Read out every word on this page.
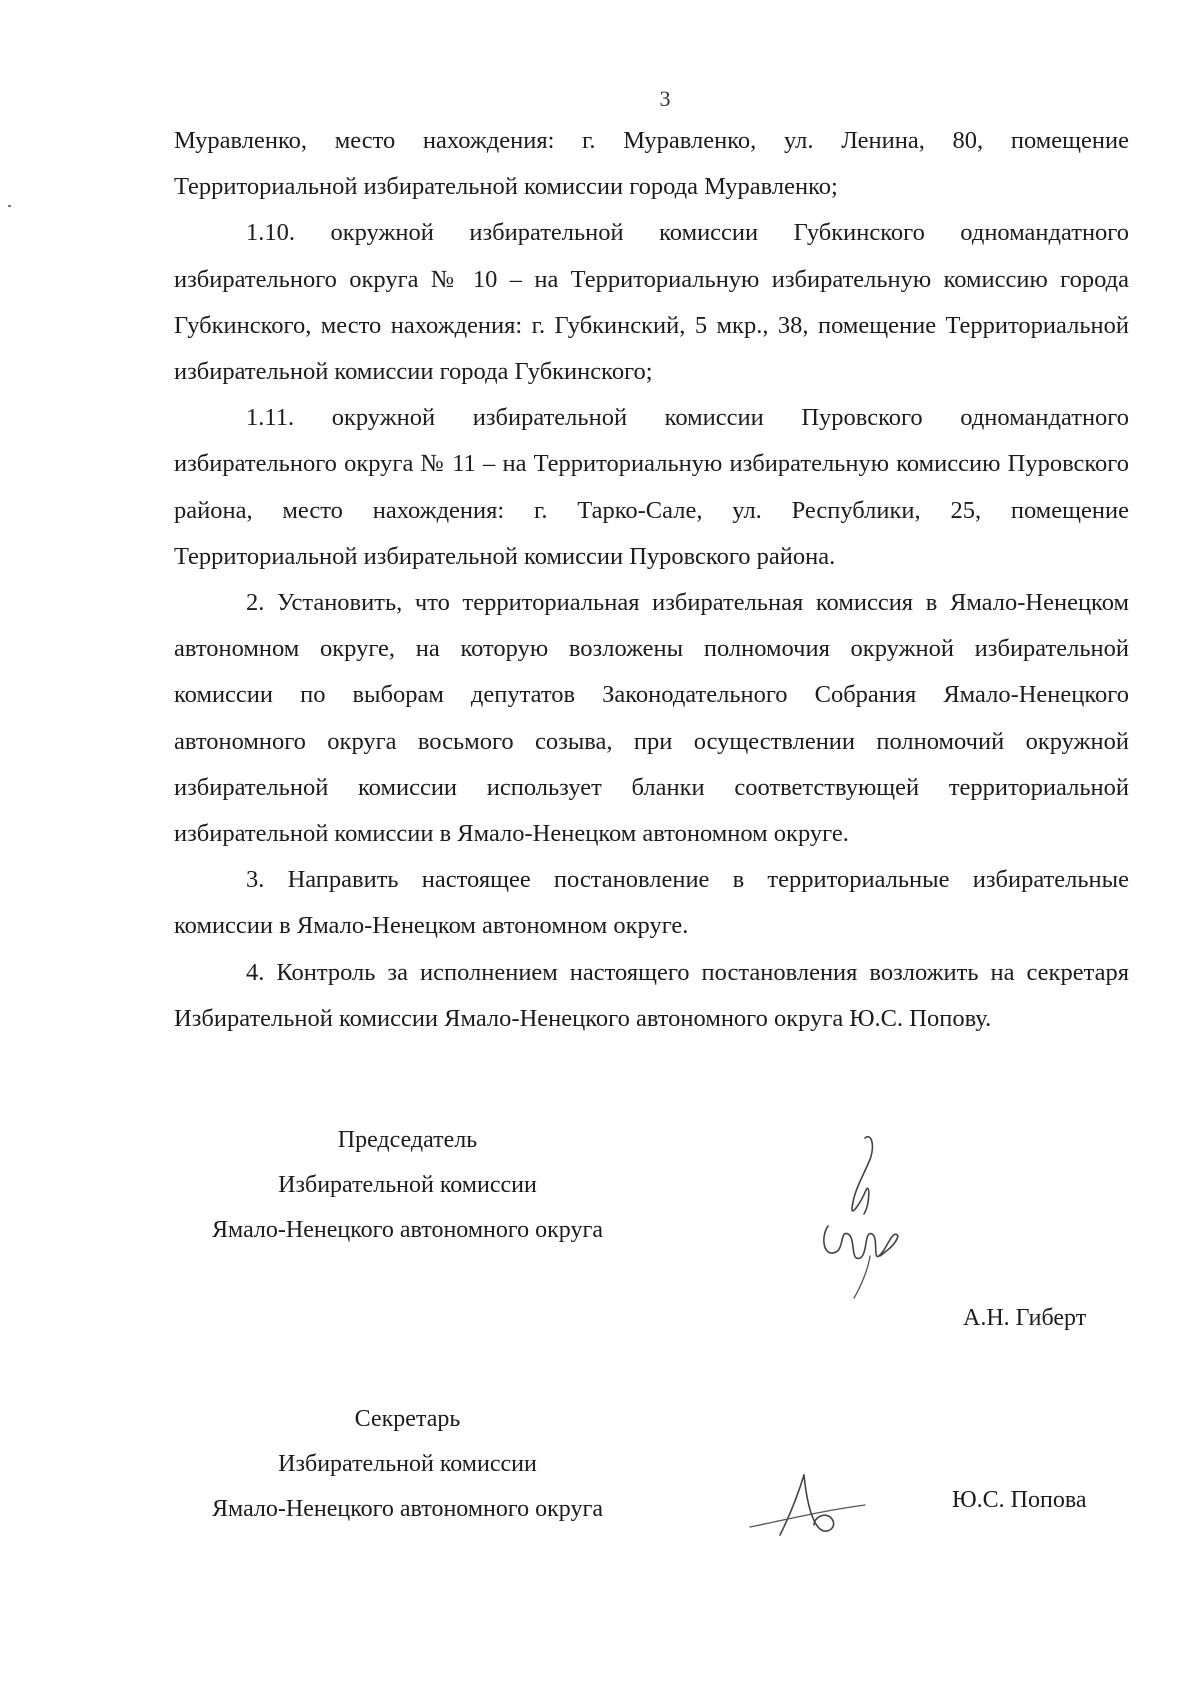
3

Муравленко, место нахождения: г. Муравленко, ул. Ленина, 80, помещение Территориальной избирательной комиссии города Муравленко;

1.10. окружной избирательной комиссии Губкинского одномандатного избирательного округа № 10 – на Территориальную избирательную комиссию города Губкинского, место нахождения: г. Губкинский, 5 мкр., 38, помещение Территориальной избирательной комиссии города Губкинского;

1.11. окружной избирательной комиссии Пуровского одномандатного избирательного округа № 11 – на Территориальную избирательную комиссию Пуровского района, место нахождения: г. Тарко-Сале, ул. Республики, 25, помещение Территориальной избирательной комиссии Пуровского района.

2. Установить, что территориальная избирательная комиссия в Ямало-Ненецком автономном округе, на которую возложены полномочия окружной избирательной комиссии по выборам депутатов Законодательного Собрания Ямало-Ненецкого автономного округа восьмого созыва, при осуществлении полномочий окружной избирательной комиссии использует бланки соответствующей территориальной избирательной комиссии в Ямало-Ненецком автономном округе.

3. Направить настоящее постановление в территориальные избирательные комиссии в Ямало-Ненецком автономном округе.

4. Контроль за исполнением настоящего постановления возложить на секретаря Избирательной комиссии Ямало-Ненецкого автономного округа Ю.С. Попову.

Председатель
Избирательной комиссии
Ямало-Ненецкого автономного округа
А.Н. Гиберт
Секретарь
Избирательной комиссии
Ямало-Ненецкого автономного округа	Ю.С. Попова
